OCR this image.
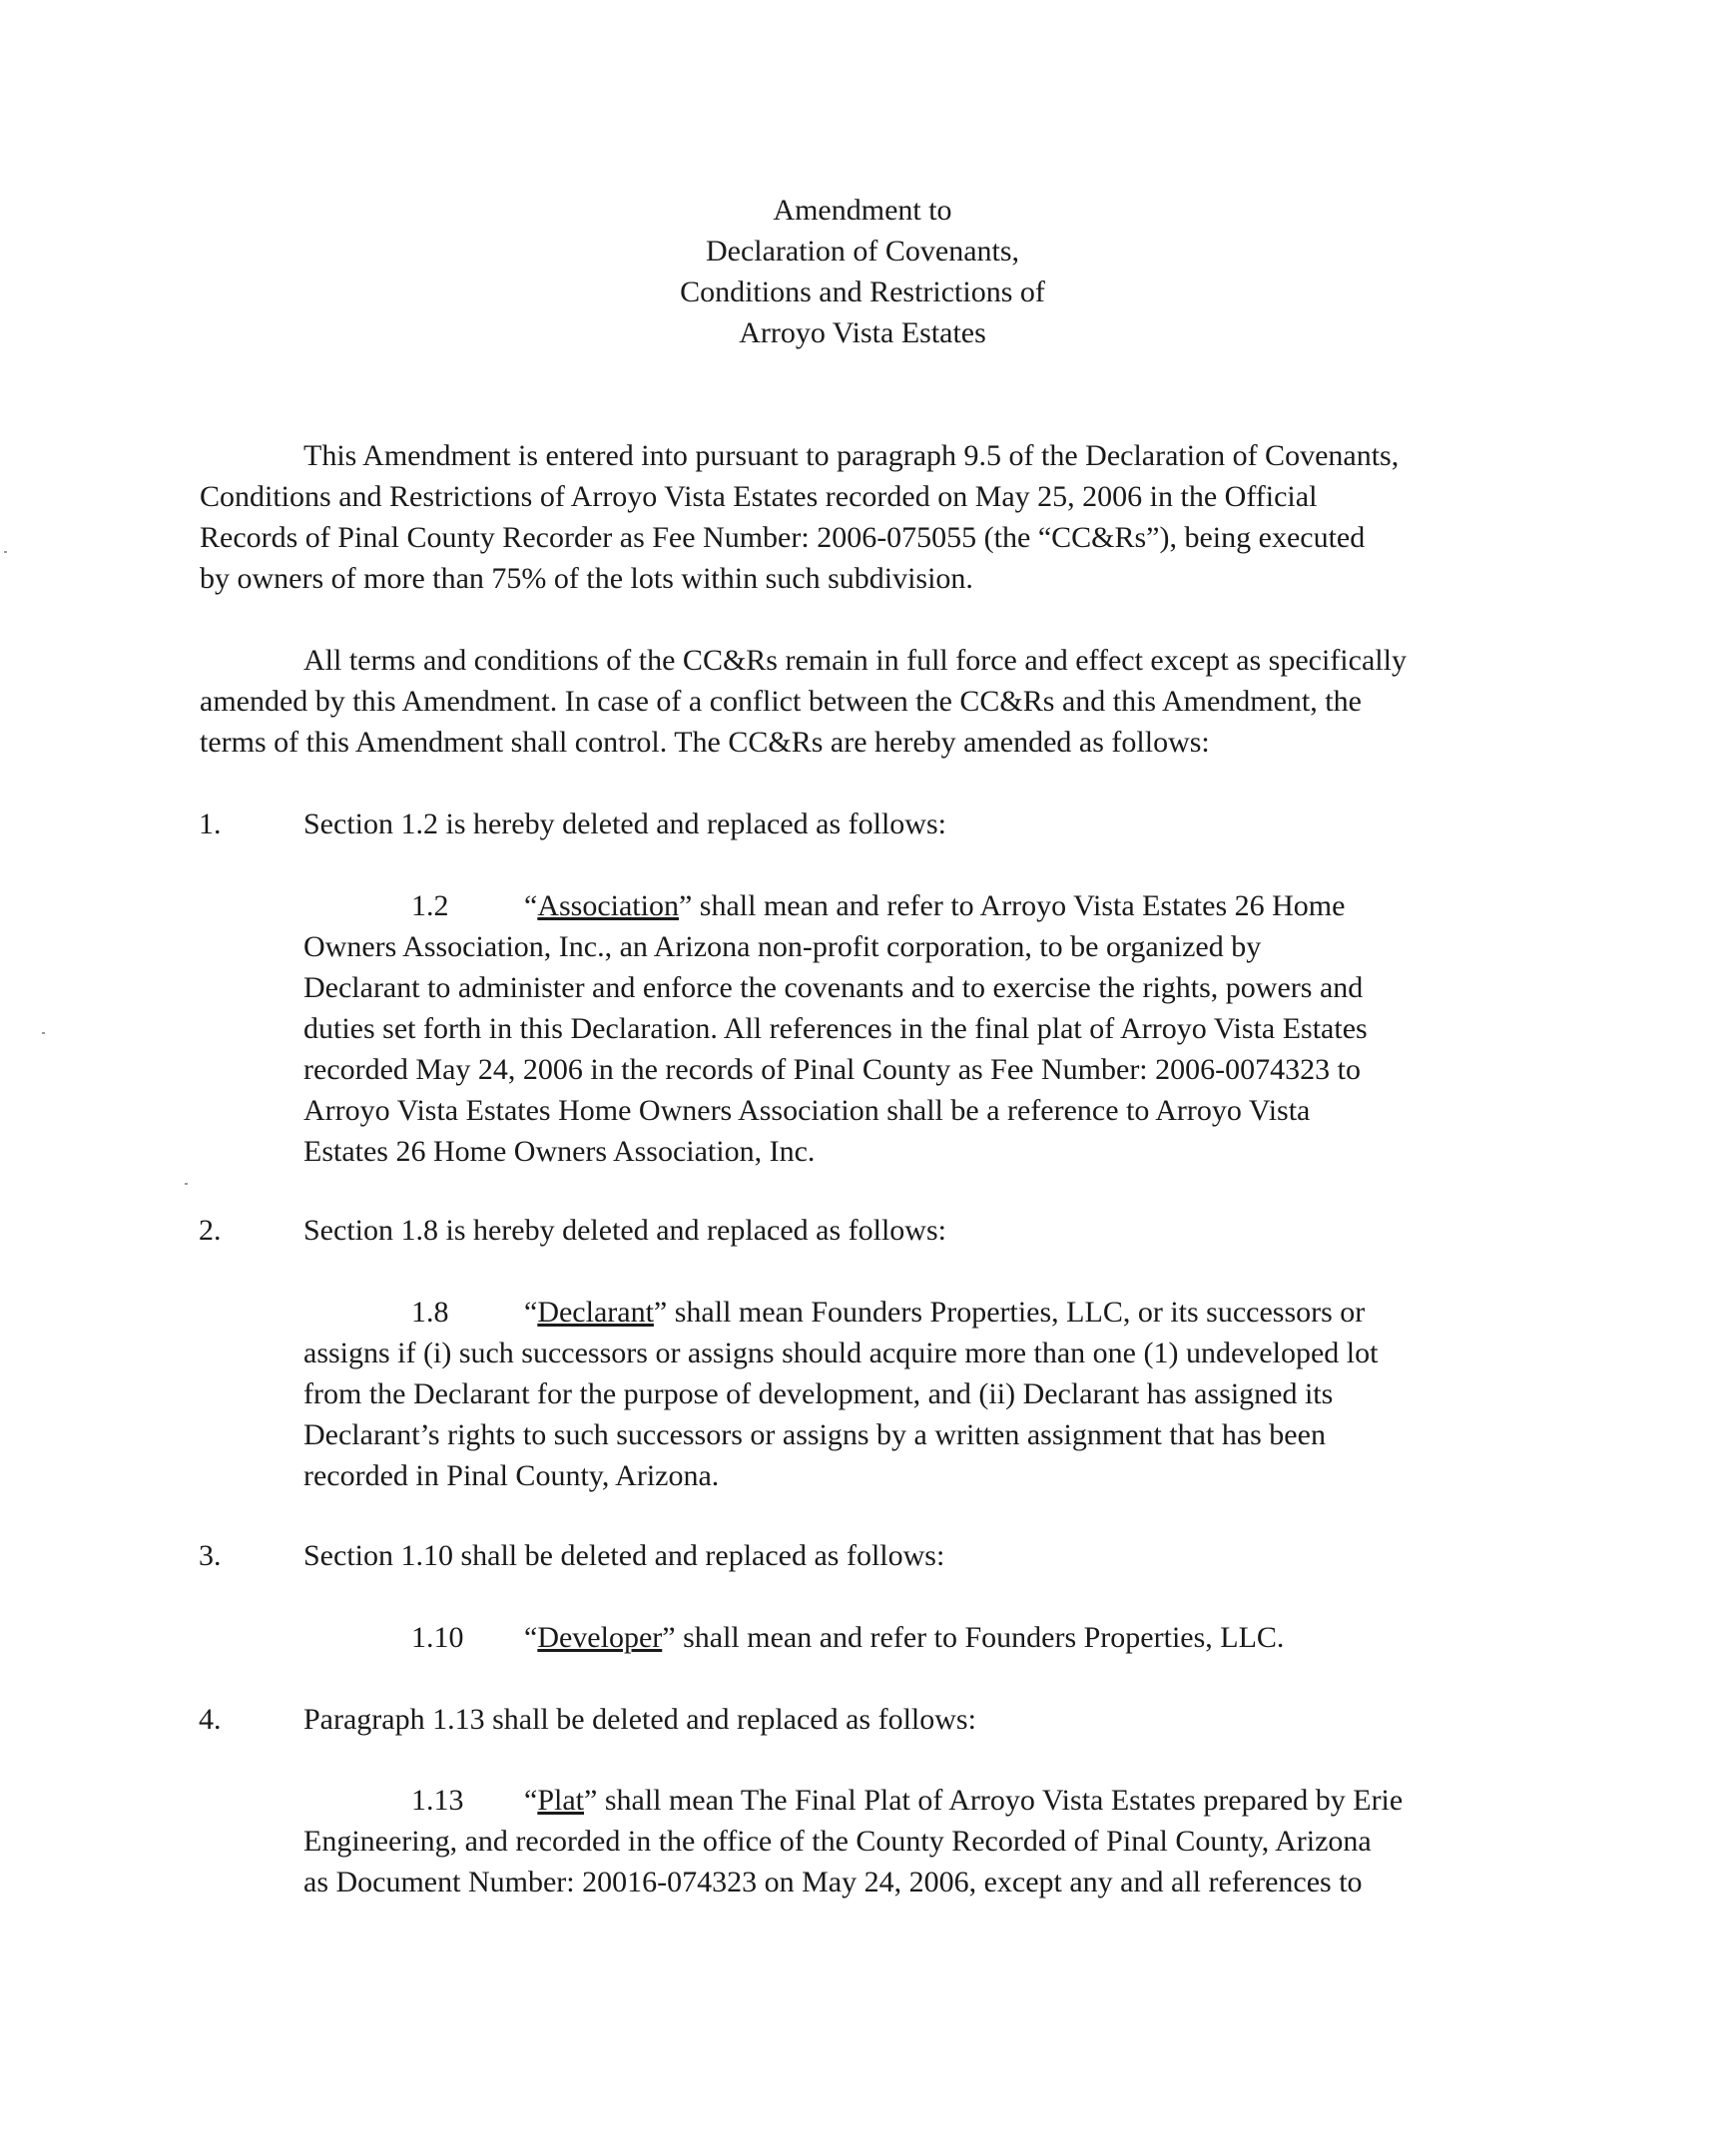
Amendment to
Declaration of Covenants,
Conditions and Restrictions of
Arroyo Vista Estates
This Amendment is entered into pursuant to paragraph 9.5 of the Declaration of Covenants,
Conditions and Restrictions of Arroyo Vista Estates recorded on May 25, 2006 in the Official
Records of Pinal County Recorder as Fee Number: 2006-075055 (the “CC&Rs”), being executed
by owners of more than 75% of the lots within such subdivision.
All terms and conditions of the CC&Rs remain in full force and effect except as specifically
amended by this Amendment. In case of a conflict between the CC&Rs and this Amendment, the
terms of this Amendment shall control. The CC&Rs are hereby amended as follows:
1.	Section 1.2 is hereby deleted and replaced as follows:
1.2	“Association” shall mean and refer to Arroyo Vista Estates 26 Home
Owners Association, Inc., an Arizona non-profit corporation, to be organized by
Declarant to administer and enforce the covenants and to exercise the rights, powers and
duties set forth in this Declaration. All references in the final plat of Arroyo Vista Estates
recorded May 24, 2006 in the records of Pinal County as Fee Number: 2006-0074323 to
Arroyo Vista Estates Home Owners Association shall be a reference to Arroyo Vista
Estates 26 Home Owners Association, Inc.
2.	Section 1.8 is hereby deleted and replaced as follows:
1.8	“Declarant” shall mean Founders Properties, LLC, or its successors or
assigns if (i) such successors or assigns should acquire more than one (1) undeveloped lot
from the Declarant for the purpose of development, and (ii) Declarant has assigned its
Declarant’s rights to such successors or assigns by a written assignment that has been
recorded in Pinal County, Arizona.
3.	Section 1.10 shall be deleted and replaced as follows:
1.10 “Developer” shall mean and refer to Founders Properties, LLC.
4.	Paragraph 1.13 shall be deleted and replaced as follows:
1.13 “Plat” shall mean The Final Plat of Arroyo Vista Estates prepared by Erie
Engineering, and recorded in the office of the County Recorded of Pinal County, Arizona
as Document Number: 20016-074323 on May 24, 2006, except any and all references to
